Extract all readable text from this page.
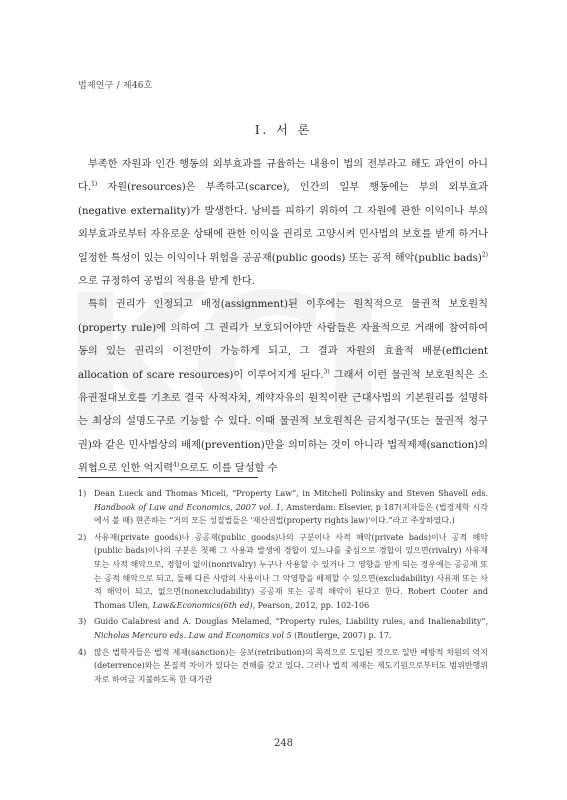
법제연구 / 제46호
I. 서 론

부족한 자원과 인간 행동의 외부효과를 규율하는 내용이 법의 전부라고 해도 과언이 아니다.$^{1)}$ 자원(resources)은 부족하고(scarce), 인간의 일부 행동에는 부의 외부효과(negative externality)가 발생한다. 낭비를 피하기 위하여 그 자원에 관한 이익이나 부의 외부효과로부터 자유로운 상태에 관한 이익을 권리로 고양시켜 민사법의 보호를 받게 하거나 일정한 특성이 있는 이익이나 위험을 공공재(public goods) 또는 공적 해악(public bads)$^{2)}$으로 규정하여 공법의 적용을 받게 한다.

특히 권리가 인정되고 배정(assignment)된 이후에는 원칙적으로 물권적 보호원칙(property rule)에 의하여 그 권리가 보호되어야만 사람들은 자율적으로 거래에 참여하여 동의 있는 권리의 이전만이 가능하게 되고, 그 결과 자원의 효율적 배분(efficient allocation of scare resources)이 이루어지게 된다.$^{3)}$ 그래서 이런 물권적 보호원칙은 소유권절대보호를 기초로 결국 사적자치, 계약자유의 원칙이란 근대사법의 기본원리를 설명하는 최상의 설명도구로 기능할 수 있다. 이때 물권적 보호원칙은 금지청구(또는 물권적 청구권)와 같은 민사법상의 배제(prevention)만을 의미하는 것이 아니라 법적제재(sanction)의 위협으로 인한 억지력$^{4)}$으로도 이를 달성할 수

1) Dean Lueck and Thomas Miceli, “Property Law”, in Mitchell Polinsky and Steven Shavell eds. Handbook of Law and Economics, 2007 vol. 1, Amsterdam: Elsevier, p 187(저자들은 (법경제학 시각에서 볼 때) 현존하는 “거의 모든 성질법들은 '재산권법(property rights law)'이다.”라고 주장하였다.)
2) 사유재(private goods)나 공공재(public goods)나의 구분이나 사적 해악(private bads)이나 공적 해악(public bads)이나의 구분은 첫째 그 사용과 발생에 경합이 있느냐를 중심으로 경합이 있으면(rivalry) 사유재 또는 사적 해악으로, 경합이 없이(nonrivalry) 누구나 사용할 수 있거나 그 영향을 받게 되는 경우에는 공공재 또는 공적 해악으로 되고, 둘째 다른 사람의 사용이나 그 악영향을 배제할 수 있으면(excludability) 사유재 또는 사적 해악이 되고, 없으면(nonexcludability) 공공재 또는 공적 해악이 된다고 한다. Robert Cooter and Thomas Ulen, Law&Economics(6th ed), Pearson, 2012, pp. 102-106
3) Guido Calabresi and A. Douglas Melamed, “Property rules, Liability rules, and Inalienability”, Nicholas Mercuro eds. Law and Economics vol 5 (Routlerge, 2007) p. 17.
4) 많은 법학자들은 법적 제재(sanction)는 응보(retribution)의 목적으로 도입된 것으로 일반 예방적 차원의 억지(deterrence)와는 본질적 차이가 있다는 견해를 갖고 있다. 그러나 법적 제재는 제도기원으로부터도 범위반행위자로 하여금 지불하도록 한 대가관
248
